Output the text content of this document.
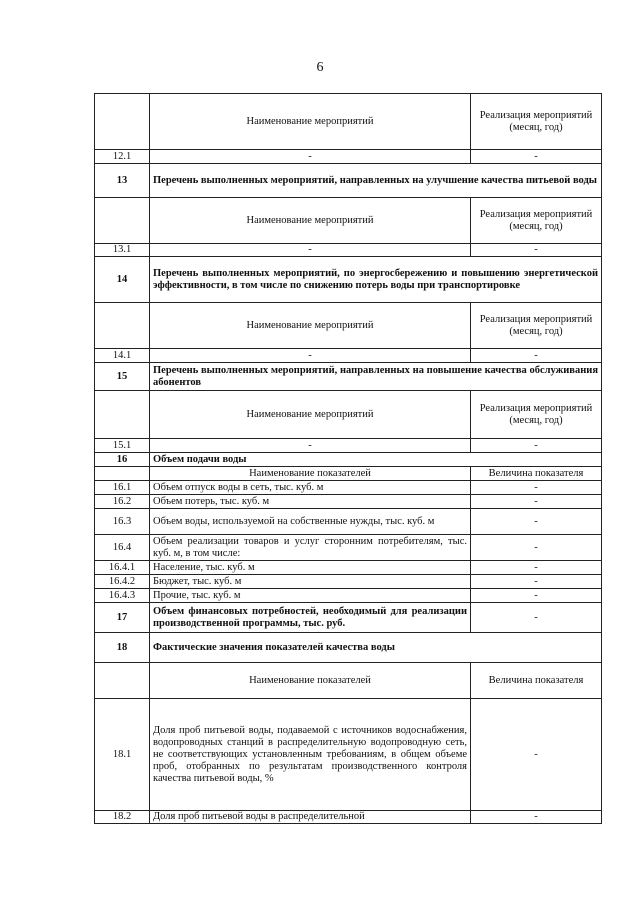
6
	Наименование мероприятий	Реализация мероприятий (месяц, год)
12.1	-	-
13	Перечень выполненных мероприятий, направленных на улучшение качества питьевой воды	
	Наименование мероприятий	Реализация мероприятий (месяц, год)
13.1	-	-
14	Перечень выполненных мероприятий, по энергосбережению и повышению энергетической эффективности, в том числе по снижению потерь воды при транспортировке	
	Наименование мероприятий	Реализация мероприятий (месяц, год)
14.1	-	-
15	Перечень выполненных мероприятий, направленных на повышение качества обслуживания абонентов	
	Наименование мероприятий	Реализация мероприятий (месяц, год)
15.1	-	-
16	Объем подачи воды	
	Наименование показателей	Величина показателя
16.1	Объем отпуск воды в сеть, тыс. куб. м	-
16.2	Объем потерь, тыс. куб. м	-
16.3	Объем воды, используемой на собственные нужды, тыс. куб. м	-
16.4	Объем реализации товаров и услуг сторонним потребителям, тыс. куб. м, в том числе:	-
16.4.1	Население, тыс. куб. м	-
16.4.2	Бюджет, тыс. куб. м	-
16.4.3	Прочие, тыс. куб. м	-
17	Объем финансовых потребностей, необходимый для реализации производственной программы, тыс. руб.	-
18	Фактические значения показателей качества воды	
	Наименование показателей	Величина показателя
18.1	Доля проб питьевой воды, подаваемой с источников водоснабжения, водопроводных станций в распределительную водопроводную сеть, не соответствующих установленным требованиям, в общем объеме проб, отобранных по результатам производственного контроля качества питьевой воды, %	-
18.2	Доля проб питьевой воды в распределительной	-
